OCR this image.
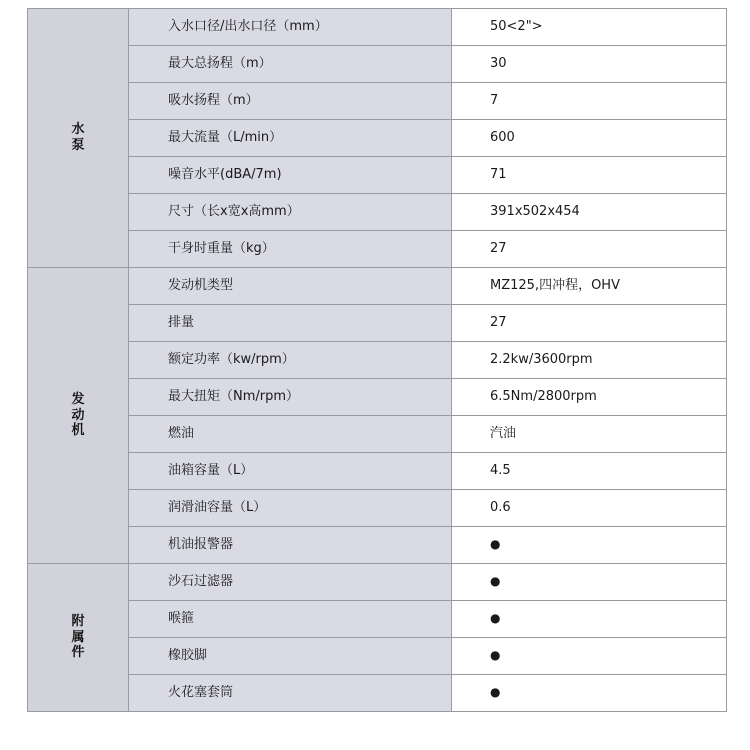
水泵	入水口径/出水口径（mm）	50<2">
	最大总扬程（m）	30
	吸水扬程（m）	7
	最大流量（L/min）	600
	噪音水平(dBA/7m)	71
	尺寸（长x宽x高mm）	391x502x454
	干身时重量（kg）	27
发动机	发动机类型	MZ125,四冲程，OHV
	排量	27
	额定功率（kw/rpm）	2.2kw/3600rpm
	最大扭矩（Nm/rpm）	6.5Nm/2800rpm
	燃油	汽油
	油箱容量（L）	4.5
	润滑油容量（L）	0.6
	机油报警器	●
附属件	沙石过滤器	●
	喉箍	●
	橡胶脚	●
	火花塞套筒	●
